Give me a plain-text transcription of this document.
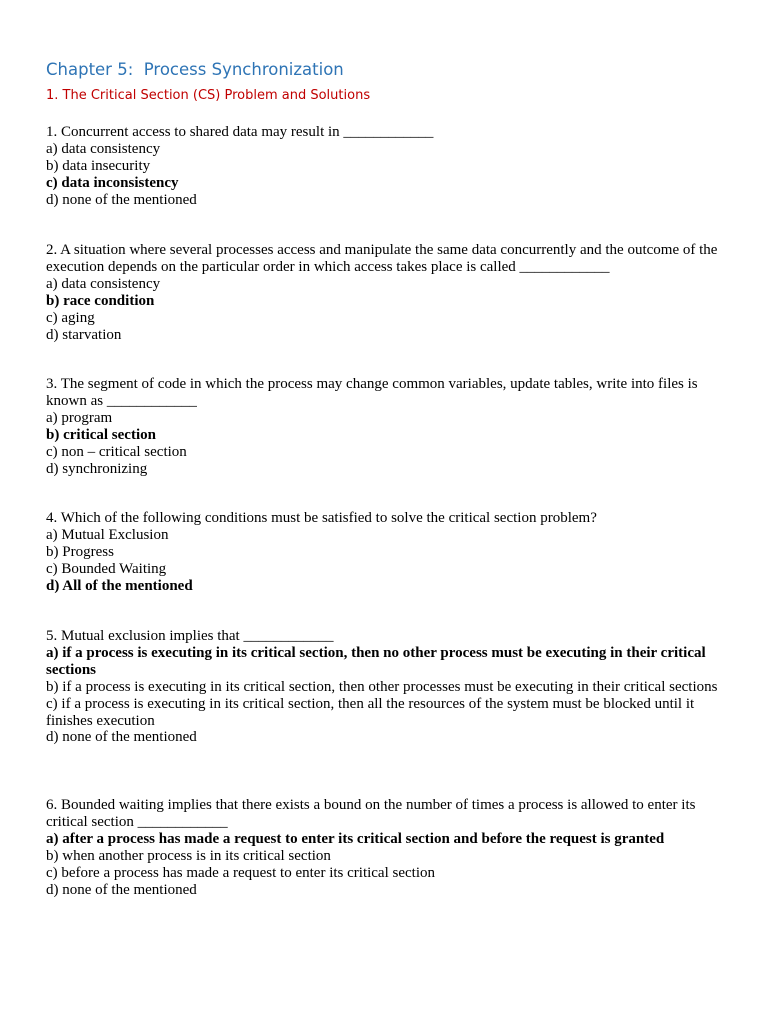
Chapter 5:  Process Synchronization
1. The Critical Section (CS) Problem and Solutions
1. Concurrent access to shared data may result in ____________
a) data consistency
b) data insecurity
c) data inconsistency
d) none of the mentioned
2. A situation where several processes access and manipulate the same data concurrently and the outcome of the execution depends on the particular order in which access takes place is called ____________
a) data consistency
b) race condition
c) aging
d) starvation
3. The segment of code in which the process may change common variables, update tables, write into files is known as ____________
a) program
b) critical section
c) non – critical section
d) synchronizing
4. Which of the following conditions must be satisfied to solve the critical section problem?
a) Mutual Exclusion
b) Progress
c) Bounded Waiting
d) All of the mentioned
5. Mutual exclusion implies that ____________
a) if a process is executing in its critical section, then no other process must be executing in their critical sections
b) if a process is executing in its critical section, then other processes must be executing in their critical sections
c) if a process is executing in its critical section, then all the resources of the system must be blocked until it finishes execution
d) none of the mentioned
6. Bounded waiting implies that there exists a bound on the number of times a process is allowed to enter its critical section ____________
a) after a process has made a request to enter its critical section and before the request is granted
b) when another process is in its critical section
c) before a process has made a request to enter its critical section
d) none of the mentioned
